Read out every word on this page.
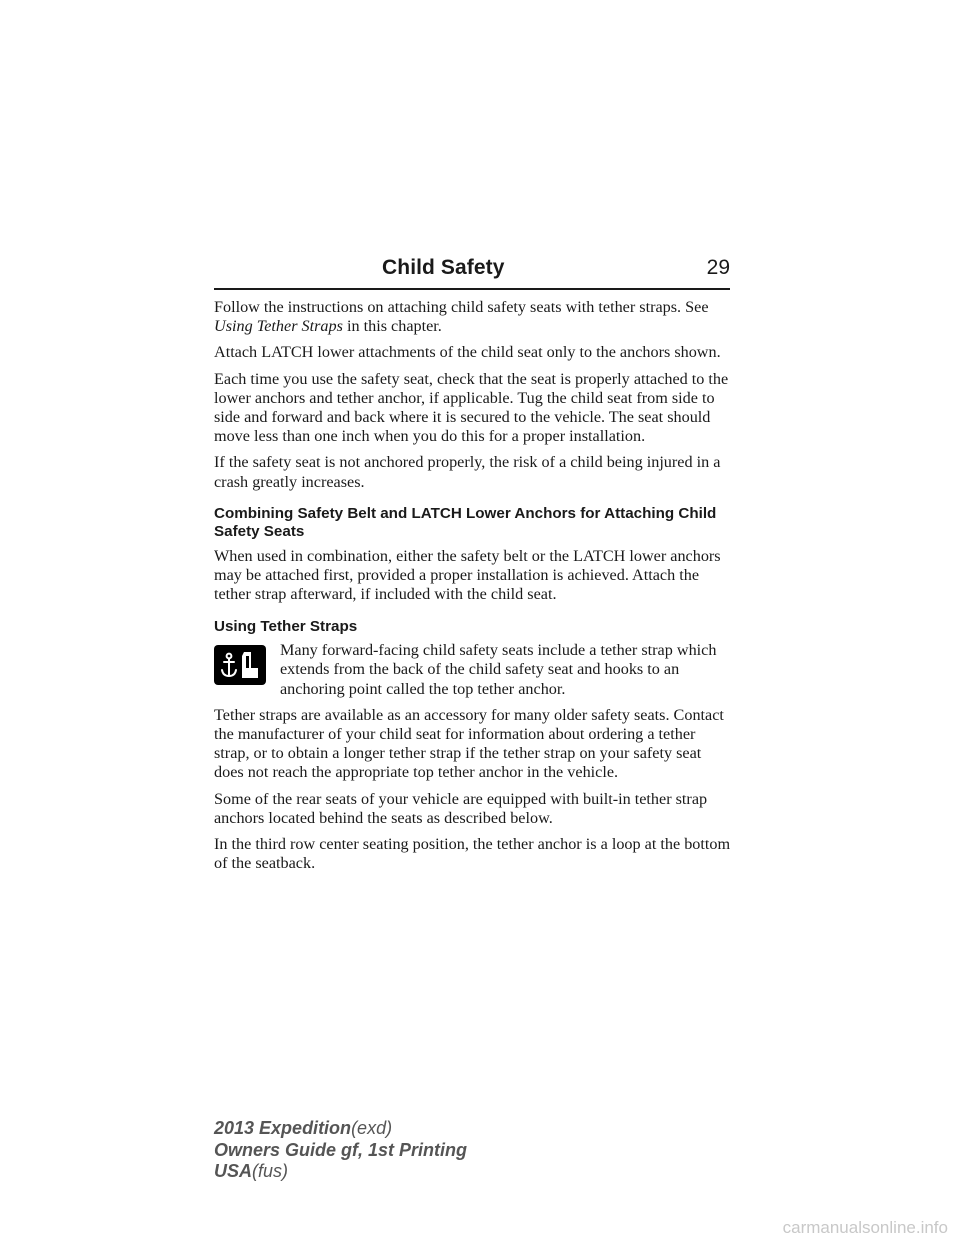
Child Safety	29

Follow the instructions on attaching child safety seats with tether straps. See Using Tether Straps in this chapter.

Attach LATCH lower attachments of the child seat only to the anchors shown.

Each time you use the safety seat, check that the seat is properly attached to the lower anchors and tether anchor, if applicable. Tug the child seat from side to side and forward and back where it is secured to the vehicle. The seat should move less than one inch when you do this for a proper installation.

If the safety seat is not anchored properly, the risk of a child being injured in a crash greatly increases.

Combining Safety Belt and LATCH Lower Anchors for Attaching Child Safety Seats

When used in combination, either the safety belt or the LATCH lower anchors may be attached first, provided a proper installation is achieved. Attach the tether strap afterward, if included with the child seat.

Using Tether Straps
Many forward-facing child safety seats include a tether strap which extends from the back of the child safety seat and hooks to an anchoring point called the top tether anchor.

Tether straps are available as an accessory for many older safety seats. Contact the manufacturer of your child seat for information about ordering a tether strap, or to obtain a longer tether strap if the tether strap on your safety seat does not reach the appropriate top tether anchor in the vehicle.

Some of the rear seats of your vehicle are equipped with built-in tether strap anchors located behind the seats as described below.

In the third row center seating position, the tether anchor is a loop at the bottom of the seatback.

2013 Expedition(exd)
Owners Guide gf, 1st Printing
USA(fus)
carmanualsonline.info
